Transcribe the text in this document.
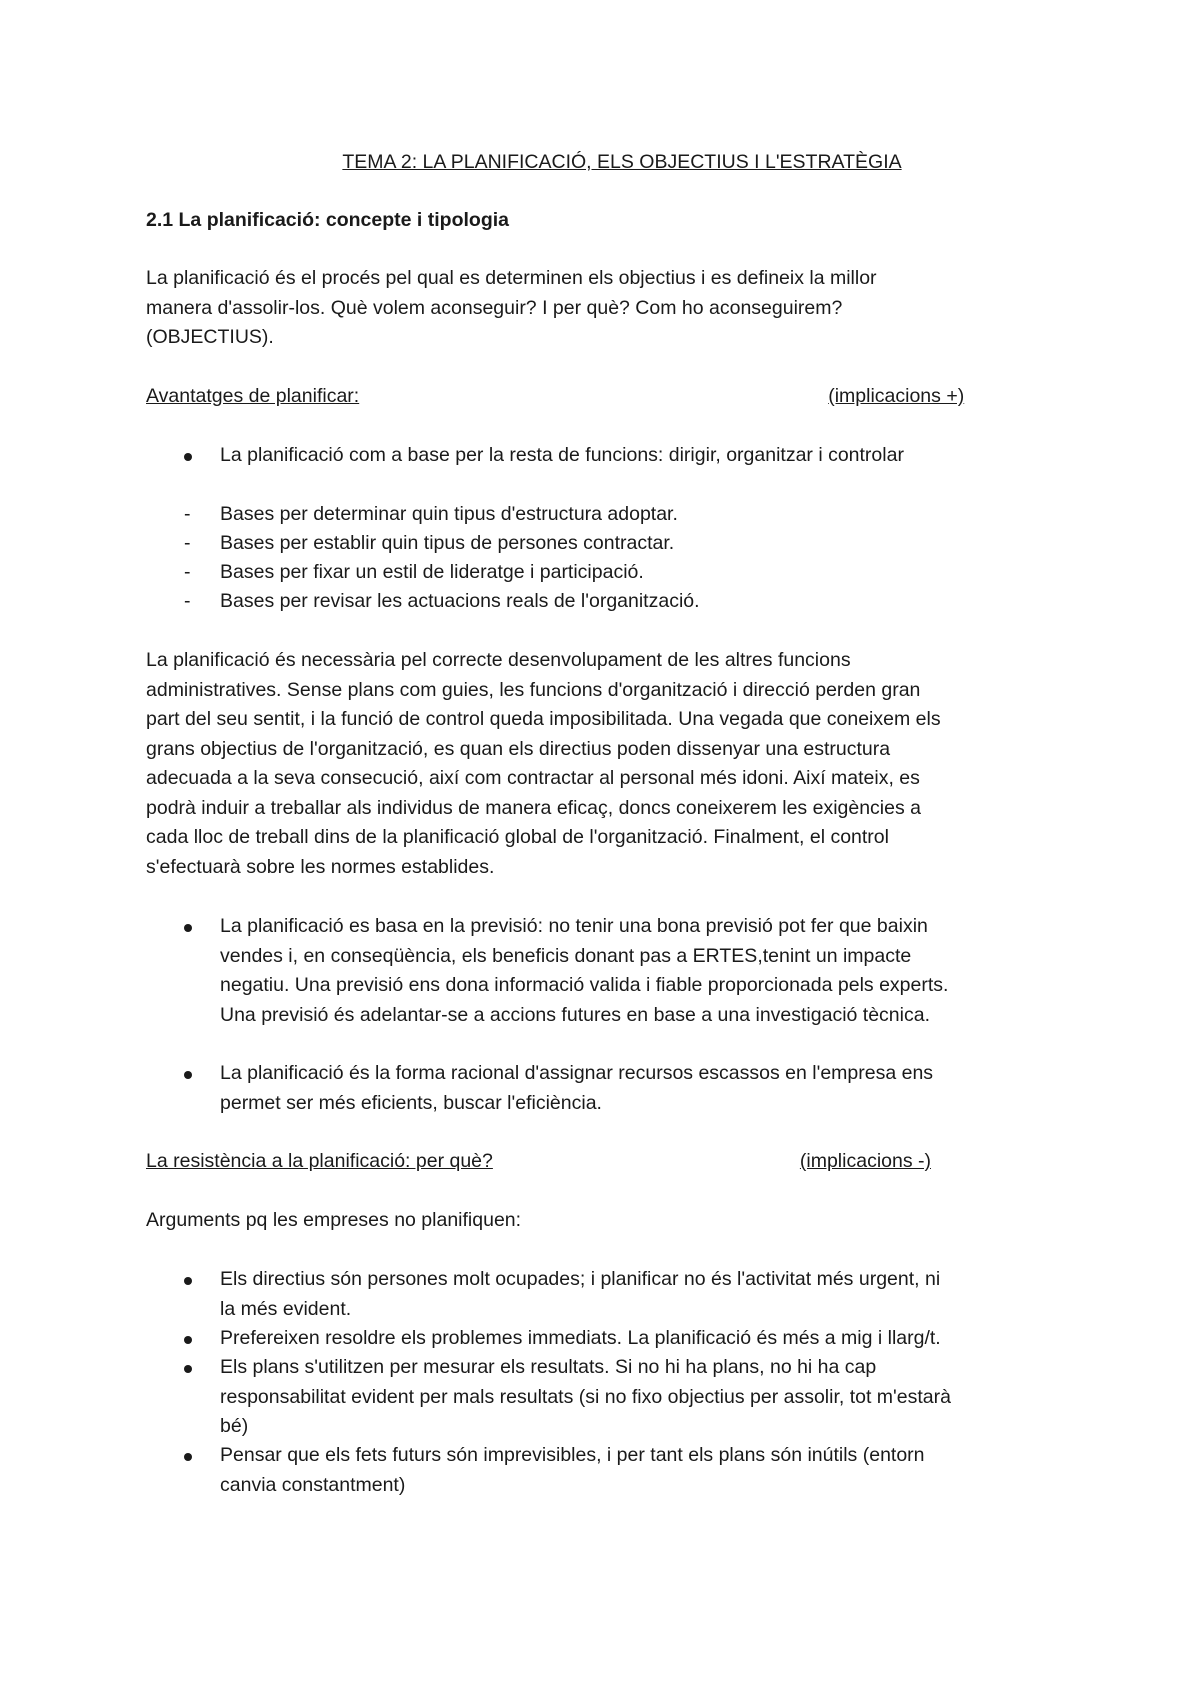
TEMA 2: LA PLANIFICACIÓ, ELS OBJECTIUS I L'ESTRATÈGIA

2.1 La planificació: concepte i tipologia

La planificació és el procés pel qual es determinen els objectius i es defineix la millor

manera d'assolir-los. Què volem aconseguir? I per què? Com ho aconseguirem?

(OBJECTIUS).

Avantatges de planificar:	(implicacions +)
La planificació com a base per la resta de funcions: dirigir, organitzar i controlar
- Bases per determinar quin tipus d'estructura adoptar.
- Bases per establir quin tipus de persones contractar.
- Bases per fixar un estil de lideratge i participació.
- Bases per revisar les actuacions reals de l'organització.

La planificació és necessària pel correcte desenvolupament de les altres funcions

administratives. Sense plans com guies, les funcions d'organització i direcció perden gran

part del seu sentit, i la funció de control queda imposibilitada. Una vegada que coneixem els

grans objectius de l'organització, es quan els directius poden dissenyar una estructura

adecuada a la seva consecució, així com contractar al personal més idoni. Així mateix, es

podrà induir a treballar als individus de manera eficaç, doncs coneixerem les exigències a

cada lloc de treball dins de la planificació global de l'organització. Finalment, el control

s'efectuarà sobre les normes establides.

La planificació es basa en la previsió: no tenir una bona previsió pot fer que baixin

vendes i, en conseqüència, els beneficis donant pas a ERTES,tenint un impacte

negatiu. Una previsió ens dona informació valida i fiable proporcionada pels experts.

Una previsió és adelantar-se a accions futures en base a una investigació tècnica.

La planificació és la forma racional d'assignar recursos escassos en l'empresa ens

permet ser més eficients, buscar l'eficiència.

La resistència a la planificació: per què?	(implicacions -)

Arguments pq les empreses no planifiquen:

Els directius són persones molt ocupades; i planificar no és l'activitat més urgent, ni

la més evident.

Prefereixen resoldre els problemes immediats. La planificació és més a mig i llarg/t.

Els plans s'utilitzen per mesurar els resultats. Si no hi ha plans, no hi ha cap

responsabilitat evident per mals resultats (si no fixo objectius per assolir, tot m'estarà

bé)

Pensar que els fets futurs són imprevisibles, i per tant els plans són inútils (entorn

canvia constantment)
